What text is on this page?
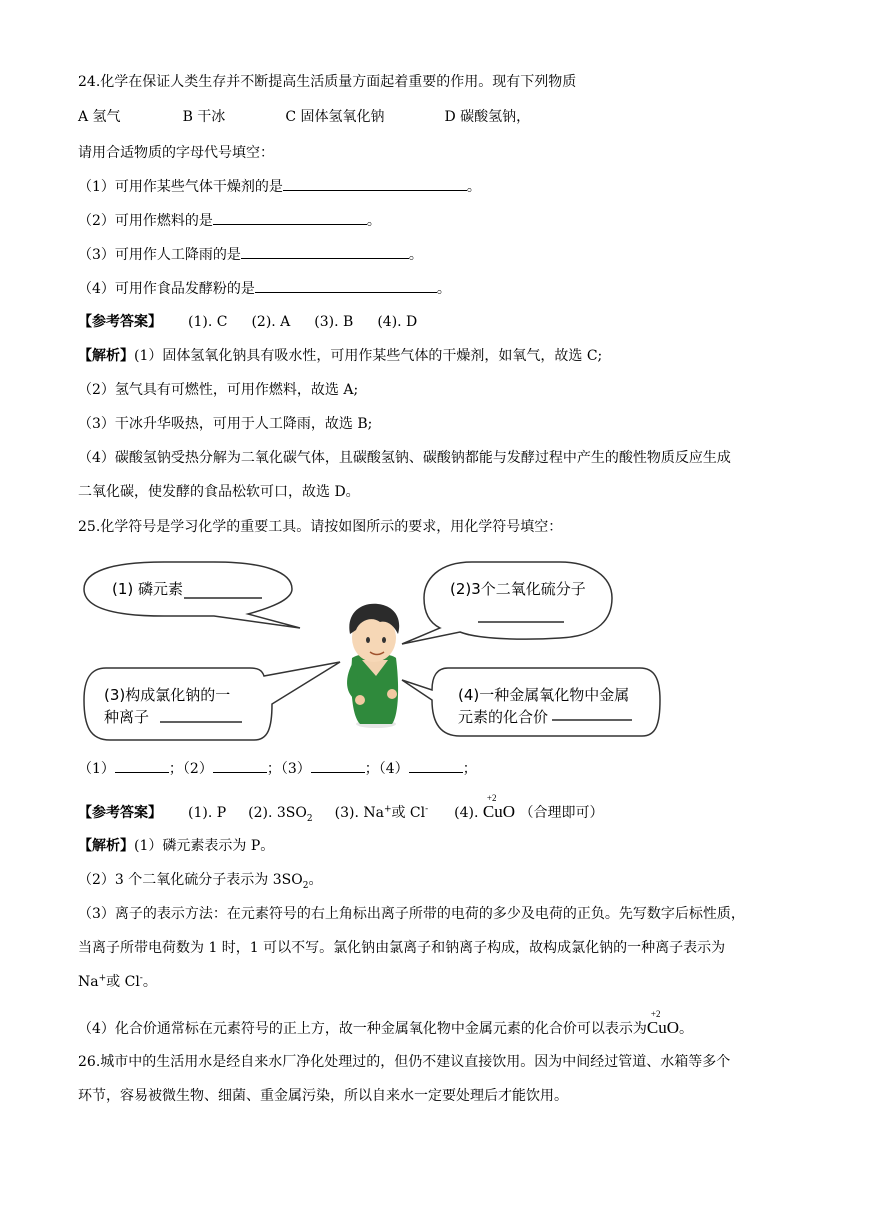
24.化学在保证人类生存并不断提高生活质量方面起着重要的作用。现有下列物质
A 氢气	B 干冰	C 固体氢氧化钠	D 碳酸氢钠，
请用合适物质的字母代号填空：
（1）可用作某些气体干燥剂的是	。
（2）可用作燃料的是	。
（3）可用作人工降雨的是	。
（4）可用作食品发酵粉的是	。
【参考答案】 (1). C (2). A (3). B (4). D
【解析】(1）固体氢氧化钠具有吸水性，可用作某些气体的干燥剂，如氧气，故选 C;
（2）氢气具有可燃性，可用作燃料，故选 A;
（3）干冰升华吸热，可用于人工降雨，故选 B;
（4）碳酸氢钠受热分解为二氧化碳气体，且碳酸氢钠、碳酸钠都能与发酵过程中产生的酸性物质反应生成
二氧化碳，使发酵的食品松软可口，故选 D。
25.化学符号是学习化学的重要工具。请按如图所示的要求，用化学符号填空：
(1) 磷元素	(2)3个二氧化硫分子
(3)构成氯化钠的一
种离子
(4)一种金属氧化物中金属
元素的化合价
（1）	；（2）	；（3）	；（4）	；
【参考答案】 (1). P (2). $3SO_2$ (3). Na+或 Cl- (4).
+2
CuO （合理即可）
【解析】(1）磷元素表示为 P。
（2）3 个二氧化硫分子表示为 $3SO_2$。
（3）离子的表示方法：在元素符号的右上角标出离子所带的电荷的多少及电荷的正负。先写数字后标性质，
当离子所带电荷数为 1 时，1 可以不写。氯化钠由氯离子和钠离子构成，故构成氯化钠的一种离子表示为
Na+或 Cl-。
（4）化合价通常标在元素符号的正上方，故一种金属氧化物中金属元素的化合价可以表示为
+2
CuO。
26.城市中的生活用水是经自来水厂净化处理过的，但仍不建议直接饮用。因为中间经过管道、水箱等多个
环节，容易被微生物、细菌、重金属污染，所以自来水一定要处理后才能饮用。
